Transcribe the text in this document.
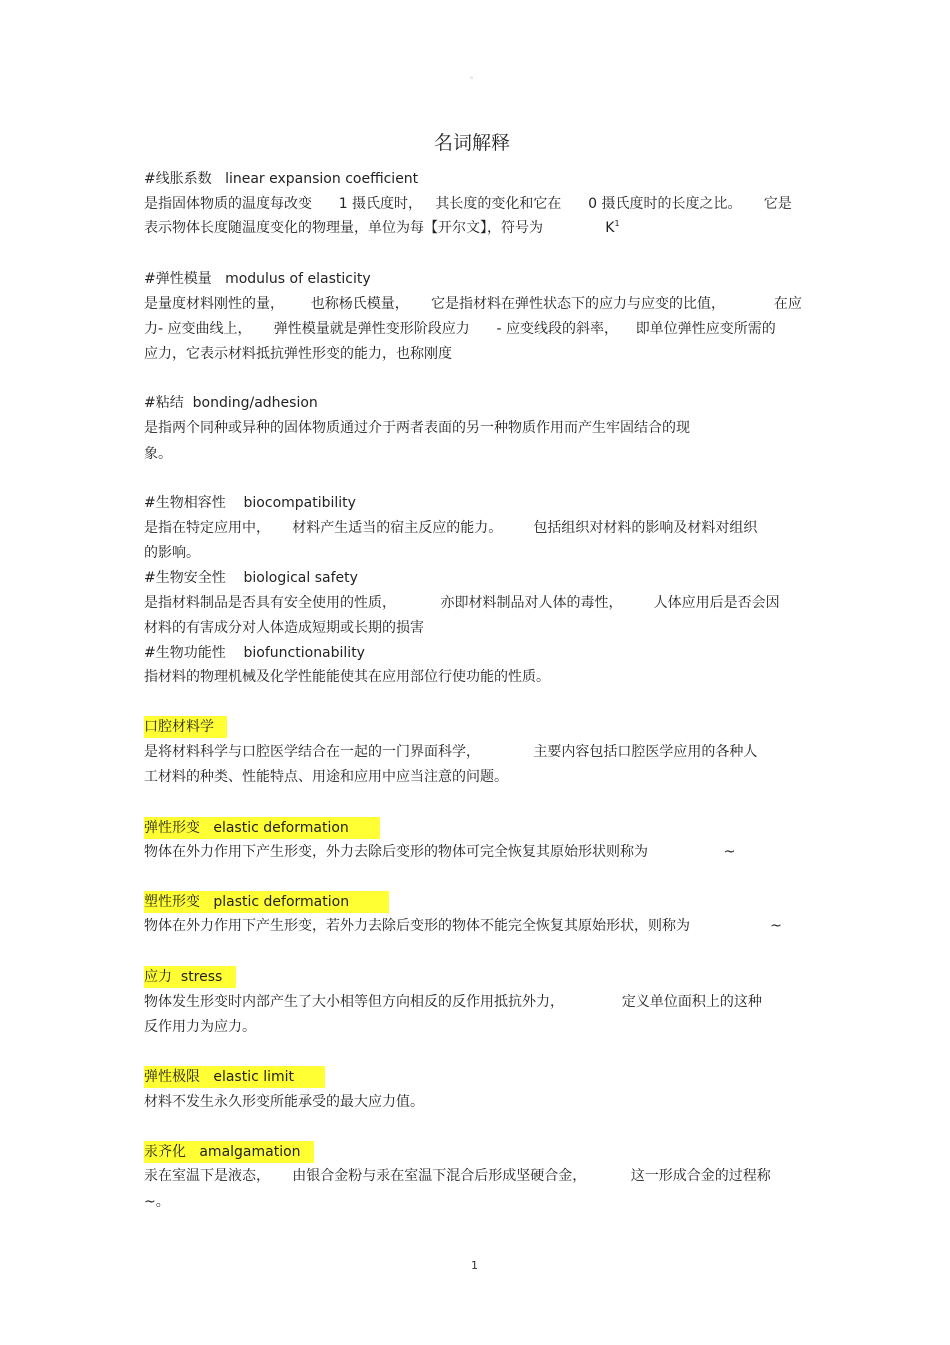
。
名词解释
#线胀系数   linear expansion coefficient
是指固体物质的温度每改变      1 摄氏度时，   其长度的变化和它在      0 摄氏度时的长度之比。     它是
表示物体长度随温度变化的物理量，单位为每【开尔文】，符号为              $K^1$
#弹性模量   modulus of elasticity
是量度材料刚性的量，      也称杨氏模量，     它是指材料在弹性状态下的应力与应变的比值，           在应
力- 应变曲线上，     弹性模量就是弹性变形阶段应力      - 应变线段的斜率，    即单位弹性应变所需的
应力，它表示材料抵抗弹性形变的能力，也称刚度
#粘结  bonding/adhesion
是指两个同种或异种的固体物质通过介于两者表面的另一种物质作用而产生牢固结合的现
象。
#生物相容性    biocompatibility
是指在特定应用中，     材料产生适当的宿主反应的能力。       包括组织对材料的影响及材料对组织
的影响。
#生物安全性    biological safety
是指材料制品是否具有安全使用的性质，          亦即材料制品对人体的毒性，       人体应用后是否会因
材料的有害成分对人体造成短期或长期的损害
#生物功能性    biofunctionability
指材料的物理机械及化学性能能使其在应用部位行使功能的性质。
口腔材料学
是将材料科学与口腔医学结合在一起的一门界面科学，            主要内容包括口腔医学应用的各种人
工材料的种类、性能特点、用途和应用中应当注意的问题。
弹性形变   elastic deformation
物体在外力作用下产生形变，外力去除后变形的物体可完全恢复其原始形状则称为                 ~
塑性形变   plastic deformation
物体在外力作用下产生形变，若外力去除后变形的物体不能完全恢复其原始形状，则称为                  ~
应力  stress
物体发生形变时内部产生了大小相等但方向相反的反作用抵抗外力，             定义单位面积上的这种
反作用力为应力。
弹性极限   elastic limit
材料不发生永久形变所能承受的最大应力值。
汞齐化   amalgamation
汞在室温下是液态，     由银合金粉与汞在室温下混合后形成坚硬合金，          这一形成合金的过程称
~。
1
